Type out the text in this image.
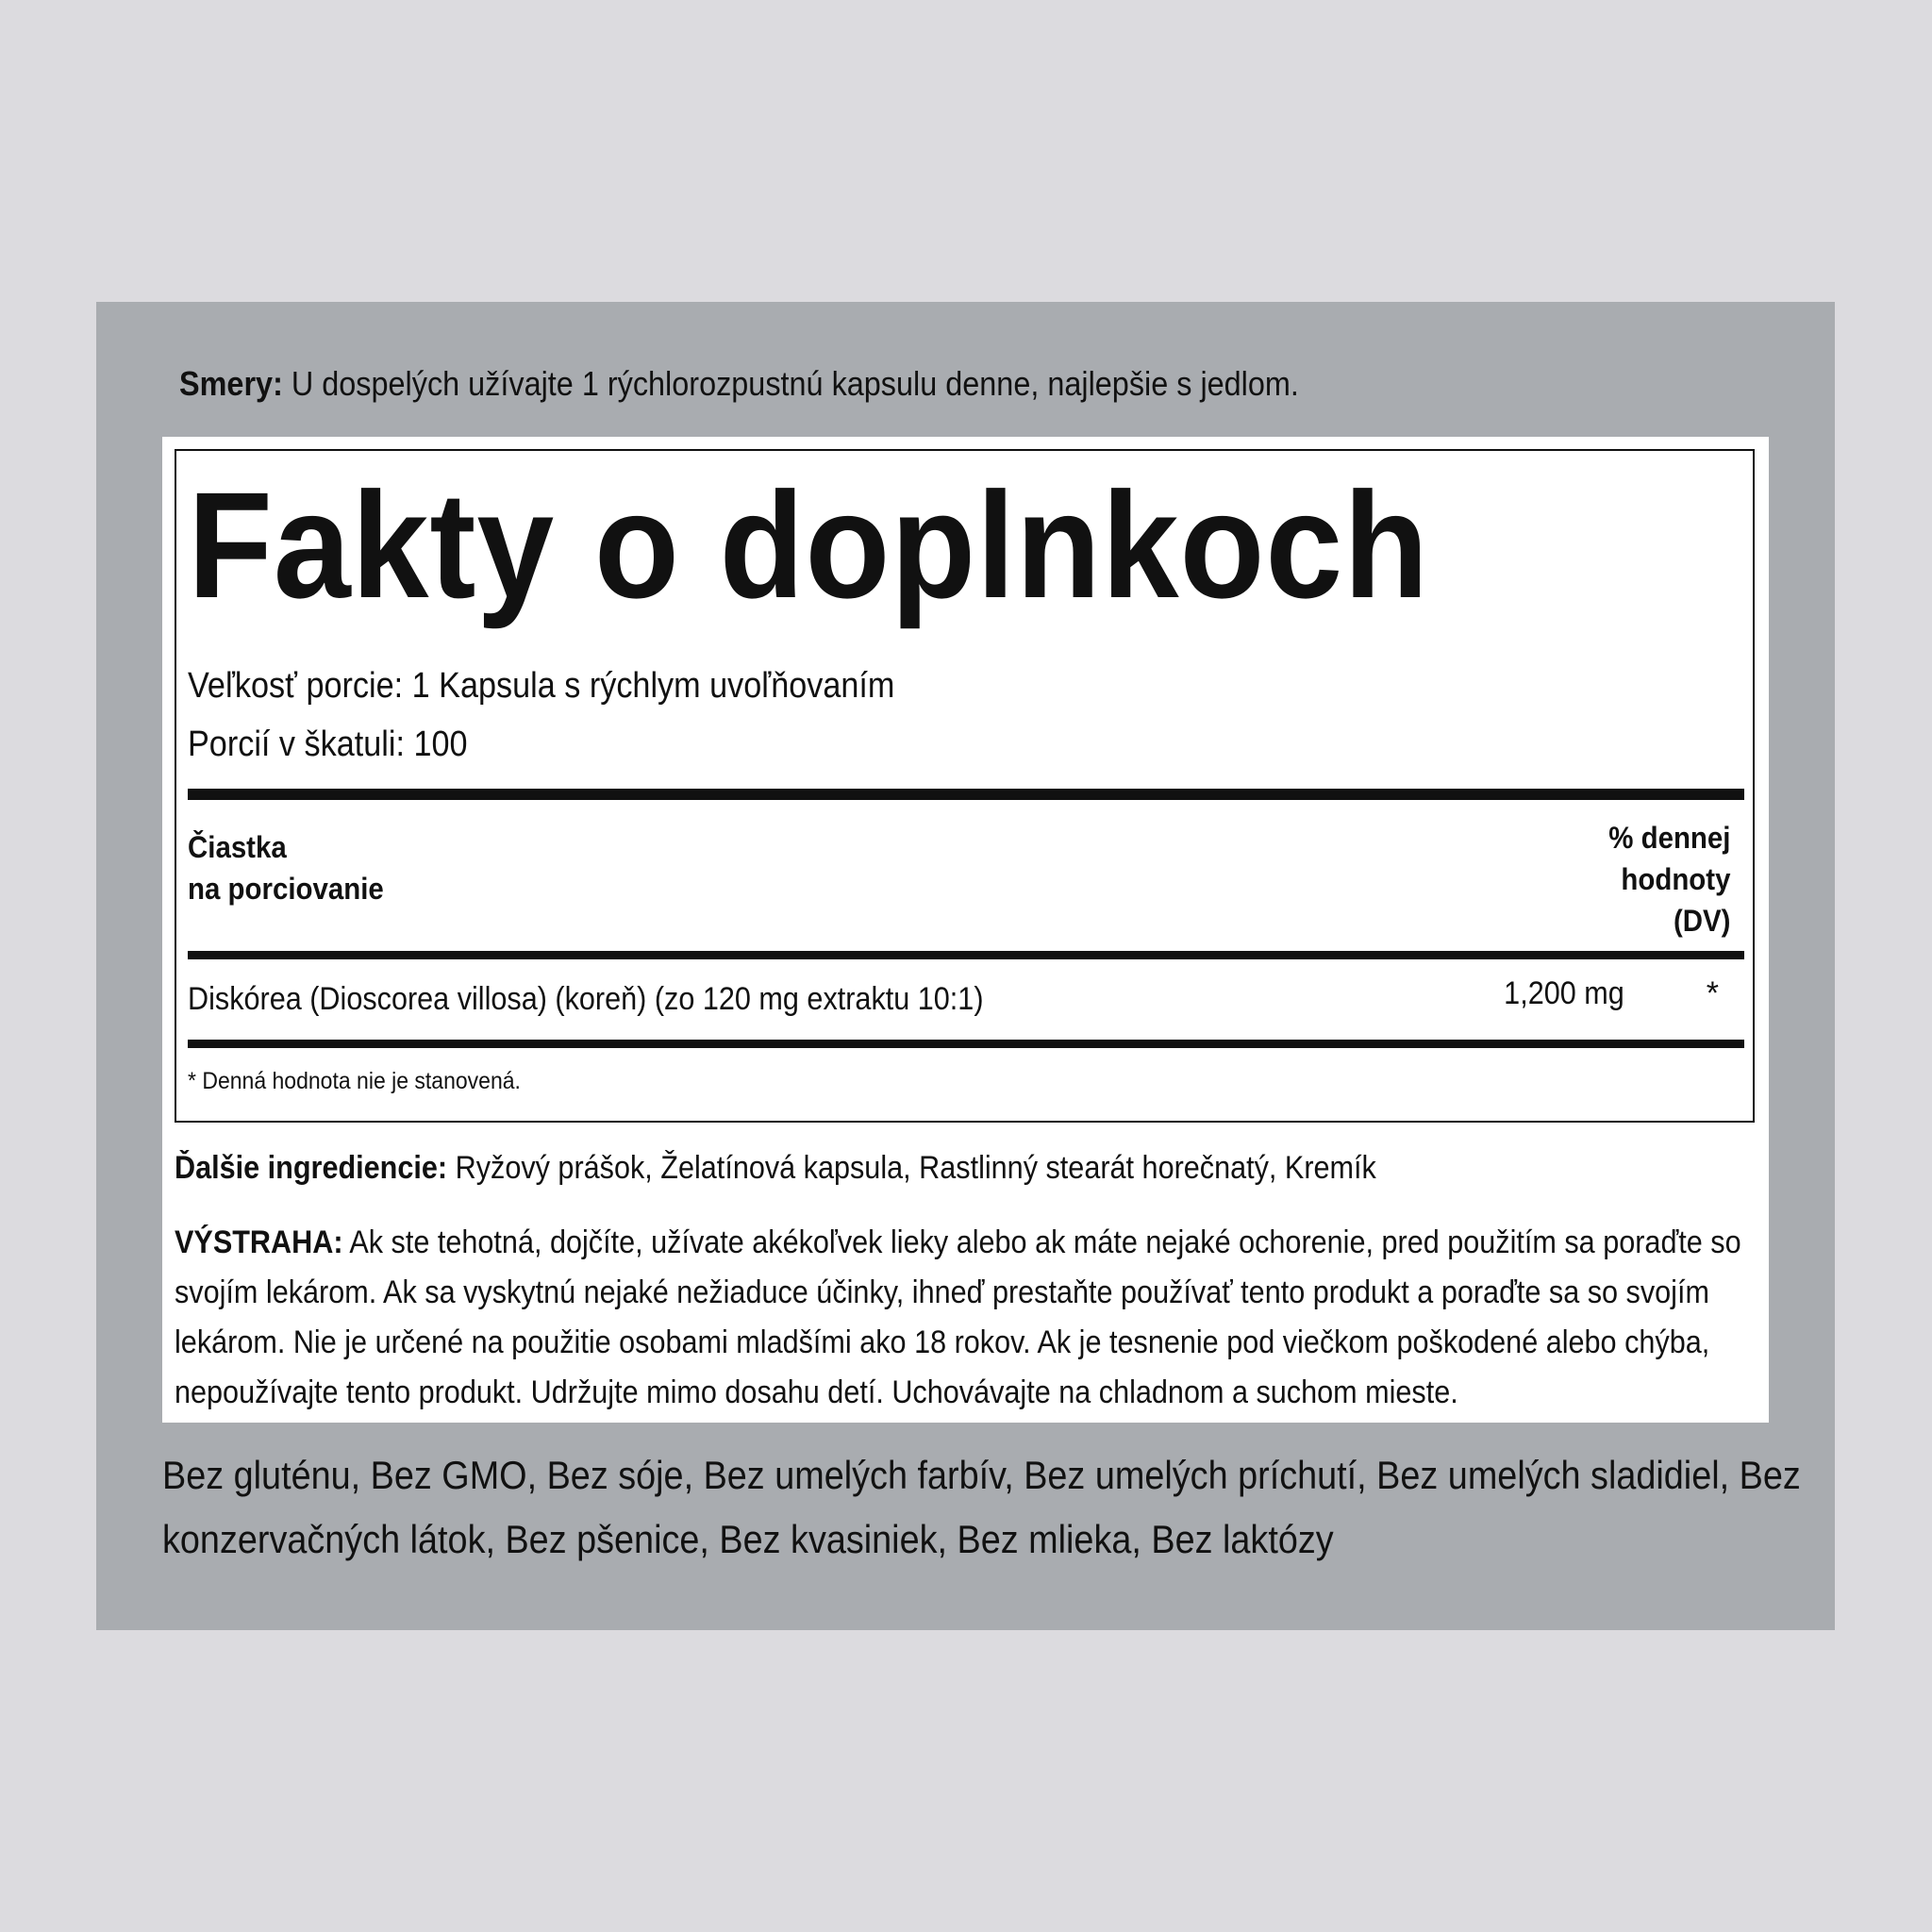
Smery: U dospelých užívajte 1 rýchlorozpustnú kapsulu denne, najlepšie s jedlom.
Fakty o doplnkoch
Veľkosť porcie: 1 Kapsula s rýchlym uvoľňovaním
Porcií v škatuli: 100
Čiastka
na porciovanie
% dennej
hodnoty
(DV)
Diskórea (Dioscorea villosa) (koreň) (zo 120 mg extraktu 10:1)	1,200 mg	*
* Denná hodnota nie je stanovená.
Ďalšie ingrediencie: Ryžový prášok, Želatínová kapsula, Rastlinný stearát horečnatý, Kremík
VÝSTRAHA: Ak ste tehotná, dojčíte, užívate akékoľvek lieky alebo ak máte nejaké ochorenie, pred použitím sa poraďte so svojím lekárom. Ak sa vyskytnú nejaké nežiaduce účinky, ihneď prestaňte používať tento produkt a poraďte sa so svojím lekárom. Nie je určené na použitie osobami mladšími ako 18 rokov. Ak je tesnenie pod viečkom poškodené alebo chýba, nepoužívajte tento produkt. Udržujte mimo dosahu detí. Uchovávajte na chladnom a suchom mieste.
Bez gluténu, Bez GMO, Bez sóje, Bez umelých farbív, Bez umelých príchutí, Bez umelých sladidiel, Bez konzervačných látok, Bez pšenice, Bez kvasiniek, Bez mlieka, Bez laktózy
